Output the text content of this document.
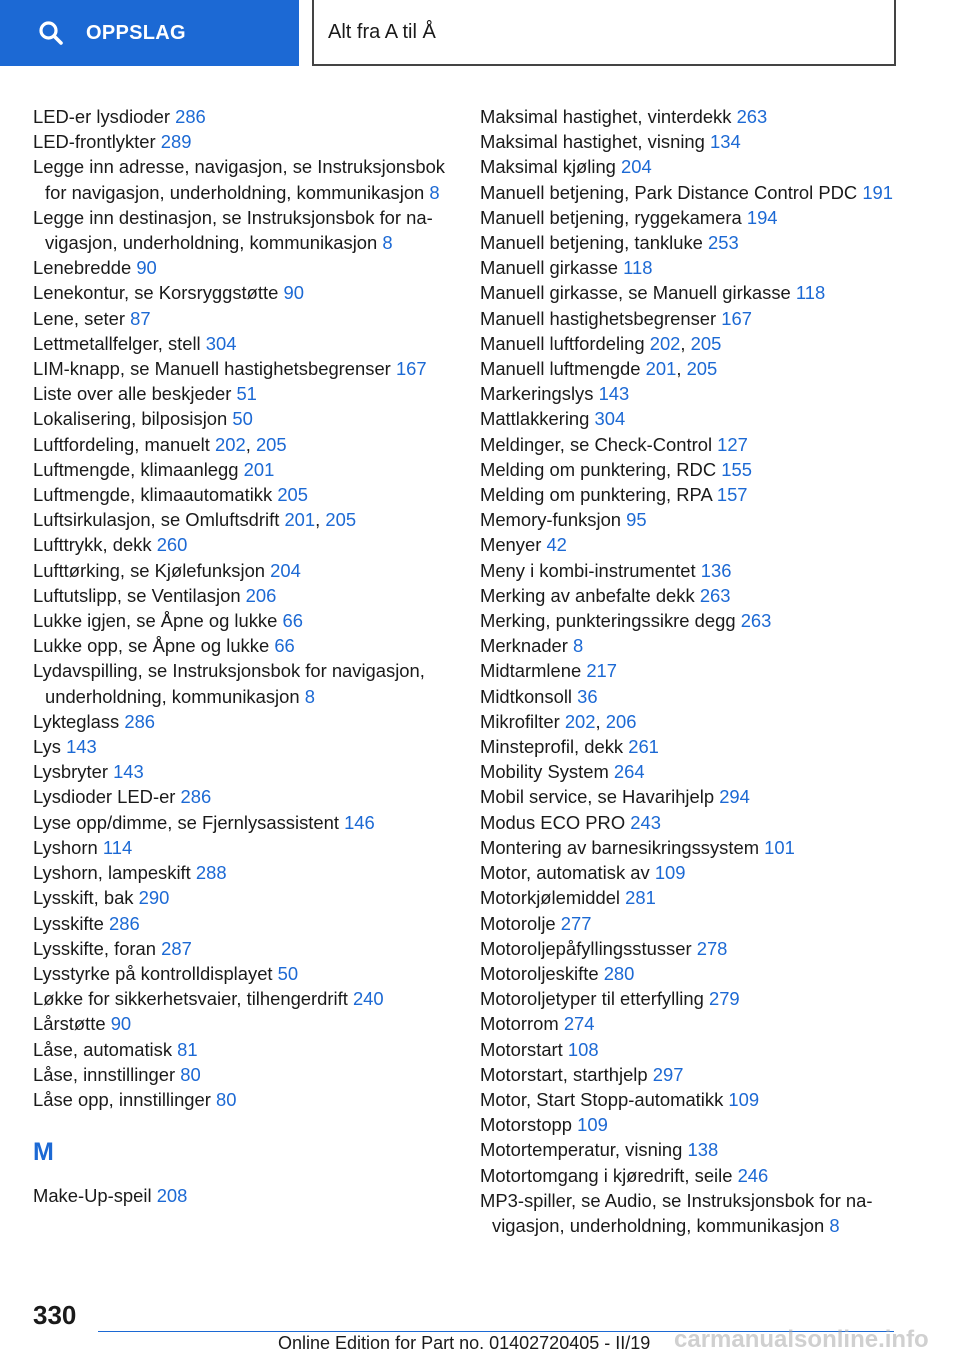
OPPSLAG	Alt fra A til Å
LED-er lysdioder 286
LED-frontlykter 289
Legge inn adresse, navigasjon, se Instruksjonsbok for navigasjon, underholdning, kommunikasjon 8
Legge inn destinasjon, se Instruksjonsbok for navigasjon, underholdning, kommunikasjon 8
Lenebredde 90
Lenekontur, se Korsryggstøtte 90
Lene, seter 87
Lettmetallfelger, stell 304
LIM-knapp, se Manuell hastighetsbegrenser 167
Liste over alle beskjeder 51
Lokalisering, bilposisjon 50
Luftfordeling, manuelt 202, 205
Luftmengde, klimaanlegg 201
Luftmengde, klimaautomatikk 205
Luftsirkulasjon, se Omluftsdrift 201, 205
Lufttrykk, dekk 260
Lufttørking, se Kjølefunksjon 204
Luftutslipp, se Ventilasjon 206
Lukke igjen, se Åpne og lukke 66
Lukke opp, se Åpne og lukke 66
Lydavspilling, se Instruksjonsbok for navigasjon, underholdning, kommunikasjon 8
Lykteglass 286
Lys 143
Lysbryter 143
Lysdioder LED-er 286
Lyse opp/dimme, se Fjernlysassistent 146
Lyshorn 114
Lyshorn, lampeskift 288
Lysskift, bak 290
Lysskifte 286
Lysskifte, foran 287
Lysstyrke på kontrolldisplayet 50
Løkke for sikkerhetsvaier, tilhengerdrift 240
Lårstøtte 90
Låse, automatisk 81
Låse, innstillinger 80
Låse opp, innstillinger 80
M
Make-Up-speil 208
Maksimal hastighet, vinterdekk 263
Maksimal hastighet, visning 134
Maksimal kjøling 204
Manuell betjening, Park Distance Control PDC 191
Manuell betjening, ryggekamera 194
Manuell betjening, tankluke 253
Manuell girkasse 118
Manuell girkasse, se Manuell girkasse 118
Manuell hastighetsbegrenser 167
Manuell luftfordeling 202, 205
Manuell luftmengde 201, 205
Markeringslys 143
Mattlakkering 304
Meldinger, se Check-Control 127
Melding om punktering, RDC 155
Melding om punktering, RPA 157
Memory-funksjon 95
Menyer 42
Meny i kombi-instrumentet 136
Merking av anbefalte dekk 263
Merking, punkteringssikre degg 263
Merknader 8
Midtarmlene 217
Midtkonsoll 36
Mikrofilter 202, 206
Minsteprofil, dekk 261
Mobility System 264
Mobil service, se Havarihjelp 294
Modus ECO PRO 243
Montering av barnesikringssystem 101
Motor, automatisk av 109
Motorkjølemiddel 281
Motorolje 277
Motoroljepåfyllingsstusser 278
Motoroljeskifte 280
Motoroljetyper til etterfylling 279
Motorrom 274
Motorstart 108
Motorstart, starthjelp 297
Motor, Start Stopp-automatikk 109
Motorstopp 109
Motortemperatur, visning 138
Motortomgang i kjøredrift, seile 246
MP3-spiller, se Audio, se Instruksjonsbok for navigasjon, underholdning, kommunikasjon 8
330
Online Edition for Part no. 01402720405 - II/19 carmanualsonline.info
